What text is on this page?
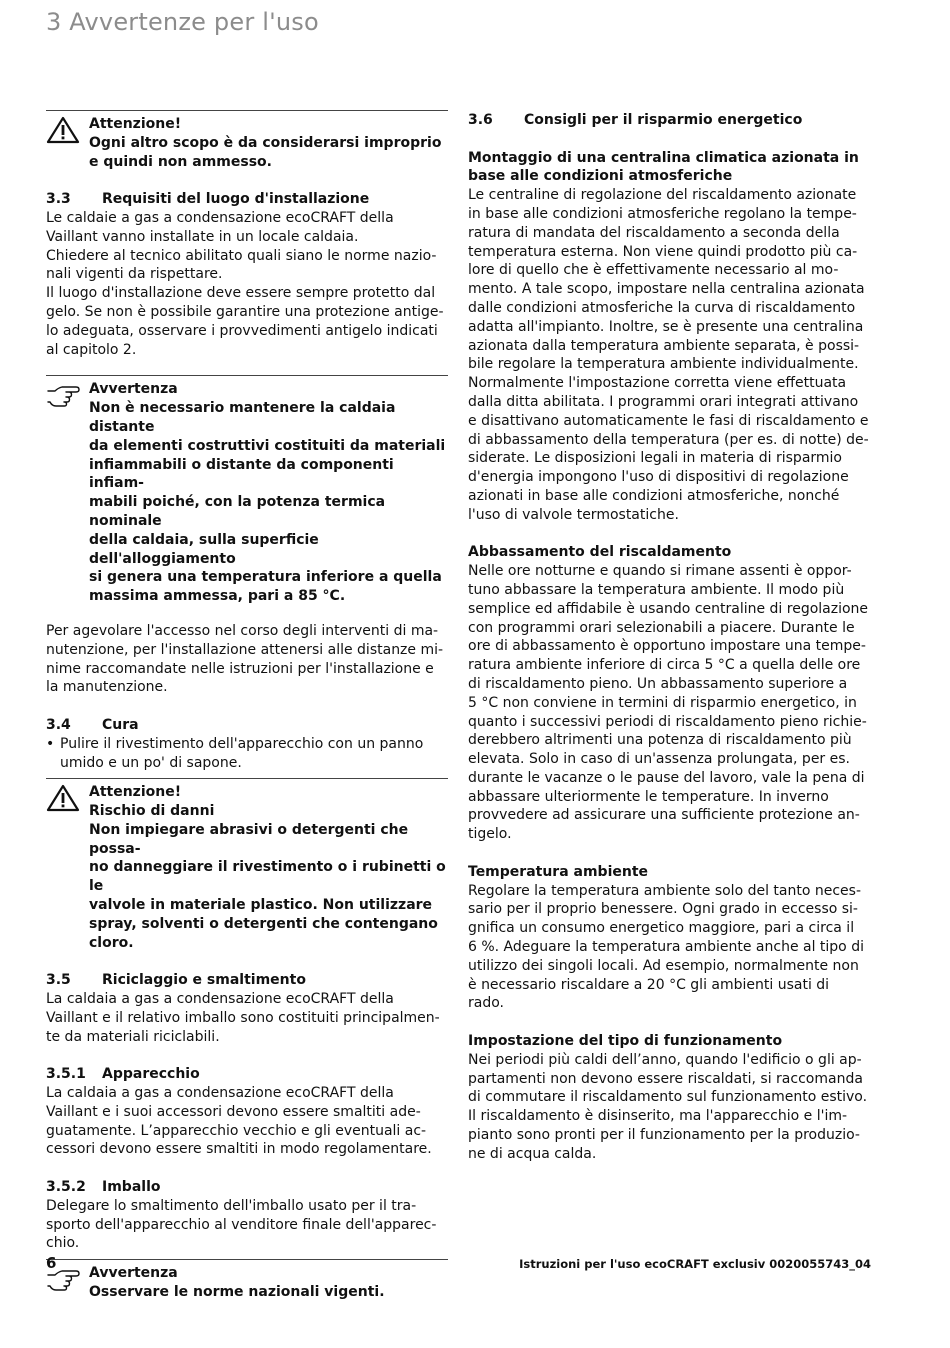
3 Avvertenze per l'uso

Attenzione!

Ogni altro scopo è da considerarsi improprio e quindi non ammesso.

3.3	Requisiti del luogo d'installazione

Le caldaie a gas a condensazione ecoCRAFT della

Vaillant vanno installate in un locale caldaia.

Chiedere al tecnico abilitato quali siano le norme nazio-

nali vigenti da rispettare.

Il luogo d'installazione deve essere sempre protetto dal

gelo. Se non è possibile garantire una protezione antige-

lo adeguata, osservare i provvedimenti antigelo indicati

al capitolo 2.

Avvertenza

Non è necessario mantenere la caldaia distante

da elementi costruttivi costituiti da materiali

infiammabili o distante da componenti infiam-

mabili poiché, con la potenza termica nominale

della caldaia, sulla superficie dell'alloggiamento

si genera una temperatura inferiore a quella

massima ammessa, pari a 85 °C.

Per agevolare l'accesso nel corso degli interventi di ma-

nutenzione, per l'installazione attenersi alle distanze mi-

nime raccomandate nelle istruzioni per l'installazione e

la manutenzione.

3.4	Cura
• Pulire il rivestimento dell'apparecchio con un panno

umido e un po' di sapone.

Attenzione!

Rischio di danni

Non impiegare abrasivi o detergenti che possa-

no danneggiare il rivestimento o i rubinetti o le

valvole in materiale plastico. Non utilizzare

spray, solventi o detergenti che contengano

cloro.

3.5	Riciclaggio e smaltimento

La caldaia a gas a condensazione ecoCRAFT della

Vaillant e il relativo imballo sono costituiti principalmen-

te da materiali riciclabili.

3.5.1	Apparecchio

La caldaia a gas a condensazione ecoCRAFT della

Vaillant e i suoi accessori devono essere smaltiti ade-

guatamente. L’apparecchio vecchio e gli eventuali ac-

cessori devono essere smaltiti in modo regolamentare.

3.5.2	Imballo

Delegare lo smaltimento dell'imballo usato per il tra-

sporto dell'apparecchio al venditore finale dell'apparec-

chio.

Avvertenza

Osservare le norme nazionali vigenti.

3.6	Consigli per il risparmio energetico

Montaggio di una centralina climatica azionata in

base alle condizioni atmosferiche

Le centraline di regolazione del riscaldamento azionate

in base alle condizioni atmosferiche regolano la tempe-

ratura di mandata del riscaldamento a seconda della

temperatura esterna. Non viene quindi prodotto più ca-

lore di quello che è effettivamente necessario al mo-

mento. A tale scopo, impostare nella centralina azionata

dalle condizioni atmosferiche la curva di riscaldamento

adatta all'impianto. Inoltre, se è presente una centralina

azionata dalla temperatura ambiente separata, è possi-

bile regolare la temperatura ambiente individualmente.

Normalmente l'impostazione corretta viene effettuata

dalla ditta abilitata. I programmi orari integrati attivano

e disattivano automaticamente le fasi di riscaldamento e

di abbassamento della temperatura (per es. di notte) de-

siderate. Le disposizioni legali in materia di risparmio

d'energia impongono l'uso di dispositivi di regolazione

azionati in base alle condizioni atmosferiche, nonché

l'uso di valvole termostatiche.

Abbassamento del riscaldamento

Nelle ore notturne e quando si rimane assenti è oppor-

tuno abbassare la temperatura ambiente. Il modo più

semplice ed affidabile è usando centraline di regolazione

con programmi orari selezionabili a piacere. Durante le

ore di abbassamento è opportuno impostare una tempe-

ratura ambiente inferiore di circa 5 °C a quella delle ore

di riscaldamento pieno. Un abbassamento superiore a

5 °C non conviene in termini di risparmio energetico, in

quanto i successivi periodi di riscaldamento pieno richie-

derebbero altrimenti una potenza di riscaldamento più

elevata. Solo in caso di un'assenza prolungata, per es.

durante le vacanze o le pause del lavoro, vale la pena di

abbassare ulteriormente le temperature. In inverno

provvedere ad assicurare una sufficiente protezione an-

tigelo.

Temperatura ambiente

Regolare la temperatura ambiente solo del tanto neces-

sario per il proprio benessere. Ogni grado in eccesso si-

gnifica un consumo energetico maggiore, pari a circa il

6 %. Adeguare la temperatura ambiente anche al tipo di

utilizzo dei singoli locali. Ad esempio, normalmente non

è necessario riscaldare a 20 °C gli ambienti usati di

rado.

Impostazione del tipo di funzionamento

Nei periodi più caldi dell’anno, quando l'edificio o gli ap-

partamenti non devono essere riscaldati, si raccomanda

di commutare il riscaldamento sul funzionamento estivo.

Il riscaldamento è disinserito, ma l'apparecchio e l'im-

pianto sono pronti per il funzionamento per la produzio-

ne di acqua calda.

6	Istruzioni per l'uso ecoCRAFT exclusiv 0020055743_04
